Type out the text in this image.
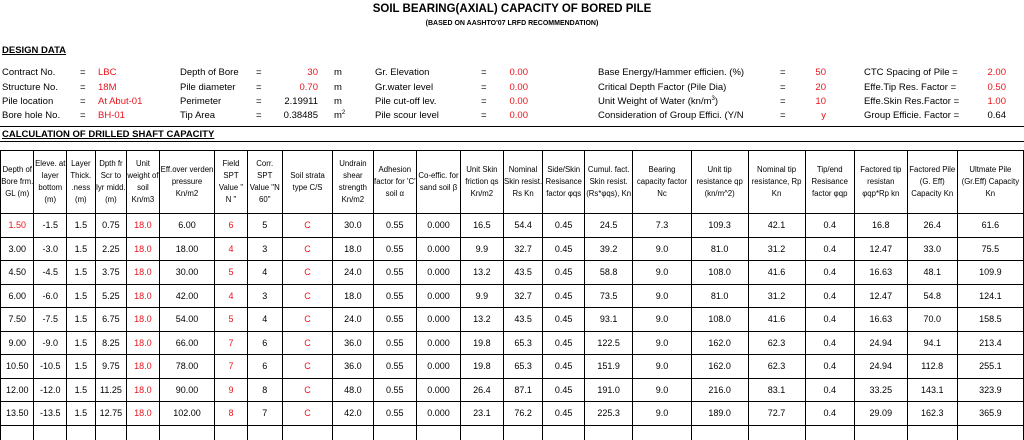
SOIL BEARING(AXIAL) CAPACITY OF BORED PILE
(BASED ON AASHTO'07 LRFD RECOMMENDATION)
DESIGN DATA
Contract No.	= LBC
Structure No. = 18M
Pile location	= At Abut-01
Bore hole No. = BH-01
Depth of Bore =	30 m
Pile diameter =	0.70 m
Perimeter	=	2.19911 m
Tip Area	=	0.38485 $m^2$
Gr. Elevation	=	0.00
Gr.water level	=	0.00
Pile cut-off lev.	=	0.00
Pile scour level	=	0.00
Base Energy/Hammer efficien. (%)	=	50
Critical Depth Factor (Pile Dia)	=	20
Unit Weight of Water $(kn/m^3)$	=	10
Consideration of Group Effici. (Y/N	=	y
CTC Spacing of Pile =	2.00
Effe.Tip Res. Factor =	0.50
Effe.Skin Res.Factor =	1.00
Group Efficie. Factor =	0.64
CALCULATION OF DRILLED SHAFT CAPACITY
Depth of Bore frm. GL (m)	Eleve. at layer bottom (m)	Layer Thick. .ness (m)	Dpth fr Scr to lyr midd. (m)	Unit weight of soil Kn/m3	Eff.over verden pressure Kn/m2	Field SPT Value " N "	Corr. SPT Value "N 60"	Soil strata type C/S	Undrain shear strength Kn/m2	Adhesion factor for 'C' soil α	Co-effic. for sand soil β	Unit Skin friction qs Kn/m2	Nominal Skin resist. Rs Kn	Side/Skin Resisance factor φqs	Cumul. fact. Skin resist. (Rs*φqs), Kn	Bearing capacity factor Nc	Unit tip resistance qp (kn/m^2)	Nominal tip resistance, Rp Kn	Tip/end Resisance factor φqp	Factored tip resistan φqp*Rp kn	Factored Pile (G. Eff) Capacity Kn	Ultmate Pile (Gr.Eff) Capacity Kn
1.50	-1.5	1.5	0.75	18.0	6.00	6	5	C	30.0	0.55	0.000	16.5	54.4	0.45	24.5	7.3	109.3	42.1	0.4	16.8	26.4	61.6
3.00	-3.0	1.5	2.25	18.0	18.00	4	3	C	18.0	0.55	0.000	9.9	32.7	0.45	39.2	9.0	81.0	31.2	0.4	12.47	33.0	75.5
4.50	-4.5	1.5	3.75	18.0	30.00	5	4	C	24.0	0.55	0.000	13.2	43.5	0.45	58.8	9.0	108.0	41.6	0.4	16.63	48.1	109.9
6.00	-6.0	1.5	5.25	18.0	42.00	4	3	C	18.0	0.55	0.000	9.9	32.7	0.45	73.5	9.0	81.0	31.2	0.4	12.47	54.8	124.1
7.50	-7.5	1.5	6.75	18.0	54.00	5	4	C	24.0	0.55	0.000	13.2	43.5	0.45	93.1	9.0	108.0	41.6	0.4	16.63	70.0	158.5
9.00	-9.0	1.5	8.25	18.0	66.00	7	6	C	36.0	0.55	0.000	19.8	65.3	0.45	122.5	9.0	162.0	62.3	0.4	24.94	94.1	213.4
10.50	-10.5	1.5	9.75	18.0	78.00	7	6	C	36.0	0.55	0.000	19.8	65.3	0.45	151.9	9.0	162.0	62.3	0.4	24.94	112.8	255.1
12.00	-12.0	1.5	11.25	18.0	90.00	9	8	C	48.0	0.55	0.000	26.4	87.1	0.45	191.0	9.0	216.0	83.1	0.4	33.25	143.1	323.9
13.50	-13.5	1.5	12.75	18.0	102.00	8	7	C	42.0	0.55	0.000	23.1	76.2	0.45	225.3	9.0	189.0	72.7	0.4	29.09	162.3	365.9
